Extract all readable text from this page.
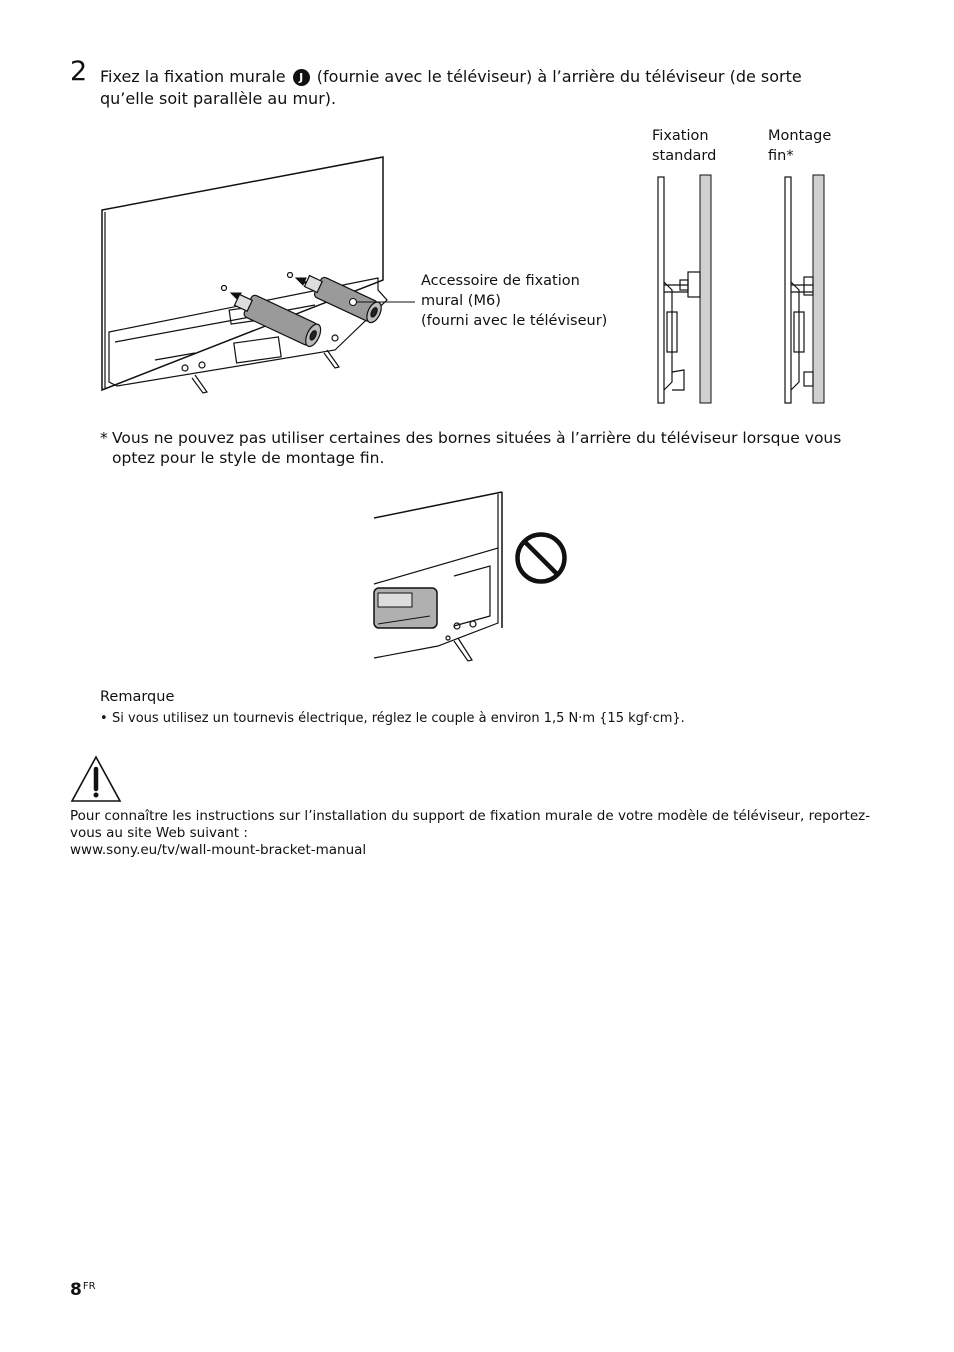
2 Fixez la fixation murale J (fournie avec le téléviseur) à l’arrière du téléviseur (de sorte qu’elle soit parallèle au mur).
Accessoire de fixation
mural (M6)
(fourni avec le téléviseur)
Fixation
standard
Montage
fin*
* Vous ne pouvez pas utiliser certaines des bornes situées à l’arrière du téléviseur lorsque vous optez pour le style de montage fin.
Remarque
• Si vous utilisez un tournevis électrique, réglez le couple à environ 1,5 N·m {15 kgf·cm}.

Pour connaître les instructions sur l’installation du support de fixation murale de votre modèle de téléviseur, reportez-

vous au site Web suivant :

www.sony.eu/tv/wall-mount-bracket-manual

$8^{FR}$
